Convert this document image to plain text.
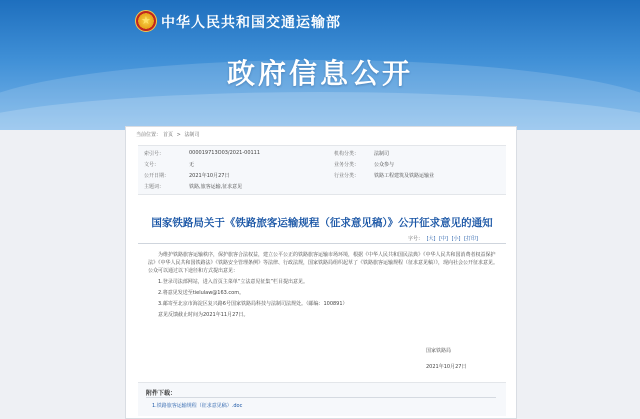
★ 中华人民共和国交通运输部
政府信息公开
当前位置： 首页 > 法制司
索引号：	000019713O03/2021-00111	机构分类：	法制司
文号：	无	业务分类：	公众参与
公开日期：	2021年10月27日	行业分类：	铁路工程建筑及铁路运输业
主题词：	铁路,旅客运输,征求意见
国家铁路局关于《铁路旅客运输规程（征求意见稿）》公开征求意见的通知
字号： [大] [中] [小] [打印]

为维护铁路旅客运输秩序，保护旅客合法权益，建立公平公正的铁路旅客运输市场环境，根据《中华人民共和国民法典》《中华人民共和国消费者权益保护法》《中华人民共和国铁路法》《铁路安全管理条例》等法律、行政法规，国家铁路局组织起草了《铁路旅客运输规程（征求意见稿）》，现向社会公开征求意见。公众可以通过以下途径和方式提出意见：

1.登录司法部网站，进入首页主菜单“立法意见征集”栏目提出意见。

2.将意见发送至tielulaw@163.com。

3.邮寄至北京市海淀区复兴路6号国家铁路局科技与法制司法规处。（邮编：100891）

意见反馈截止时间为2021年11月27日。

国家铁路局
2021年10月27日
附件下载：
1.铁路旅客运输规程（征求意见稿）.doc
